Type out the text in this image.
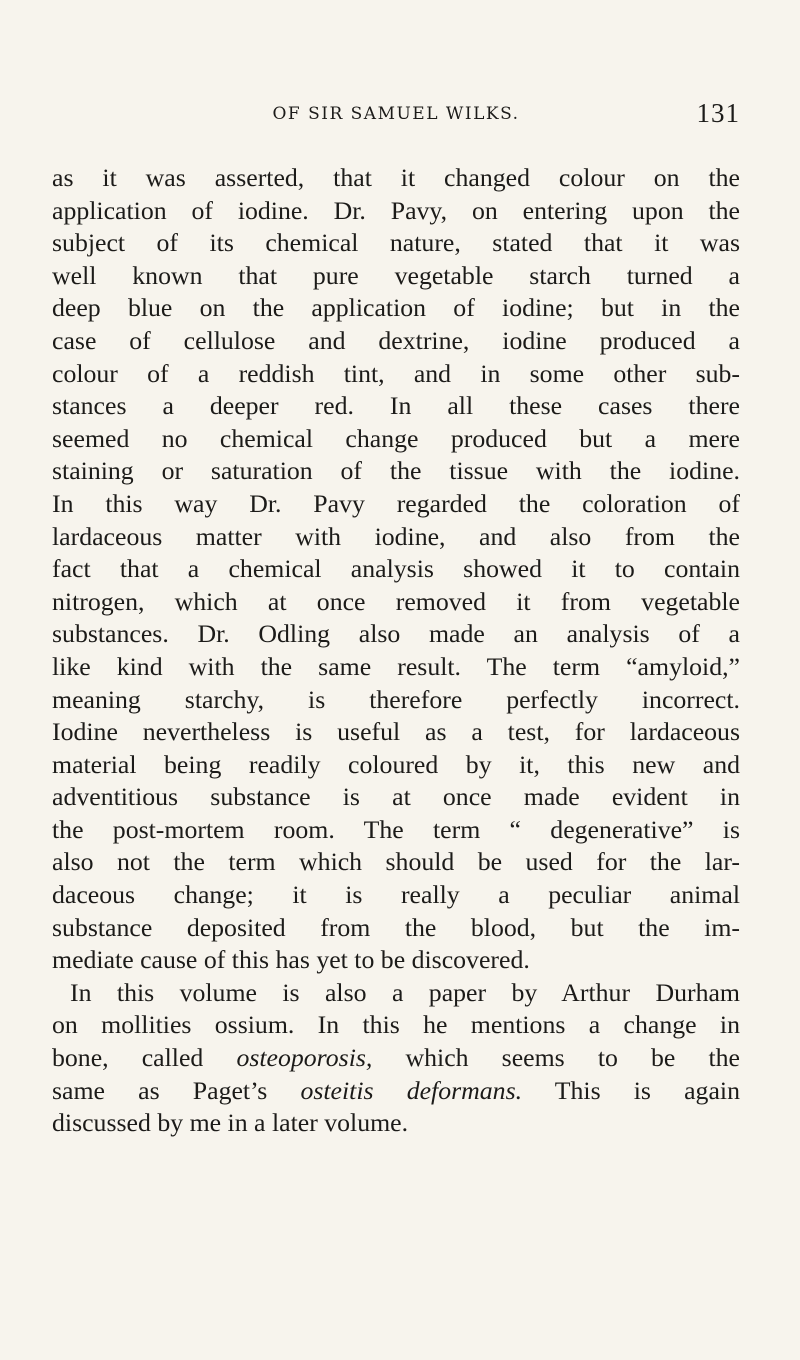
OF SIR SAMUEL WILKS.	131
as it was asserted, that it changed colour on the
application of iodine. Dr. Pavy, on entering upon the
subject of its chemical nature, stated that it was
well known that pure vegetable starch turned a
deep blue on the application of iodine; but in the
case of cellulose and dextrine, iodine produced a
colour of a reddish tint, and in some other sub-
stances a deeper red. In all these cases there
seemed no chemical change produced but a mere
staining or saturation of the tissue with the iodine.
In this way Dr. Pavy regarded the coloration of
lardaceous matter with iodine, and also from the
fact that a chemical analysis showed it to contain
nitrogen, which at once removed it from vegetable
substances. Dr. Odling also made an analysis of a
like kind with the same result. The term “amyloid,”
meaning starchy, is therefore perfectly incorrect.
Iodine nevertheless is useful as a test, for lardaceous
material being readily coloured by it, this new and
adventitious substance is at once made evident in
the post-mortem room. The term “ degenerative” is
also not the term which should be used for the lar-
daceous change; it is really a peculiar animal
substance deposited from the blood, but the im-
mediate cause of this has yet to be discovered.
In this volume is also a paper by Arthur Durham
on mollities ossium. In this he mentions a change in
bone, called osteoporosis, which seems to be the
same as Paget’s osteitis deformans. This is again
discussed by me in a later volume.
